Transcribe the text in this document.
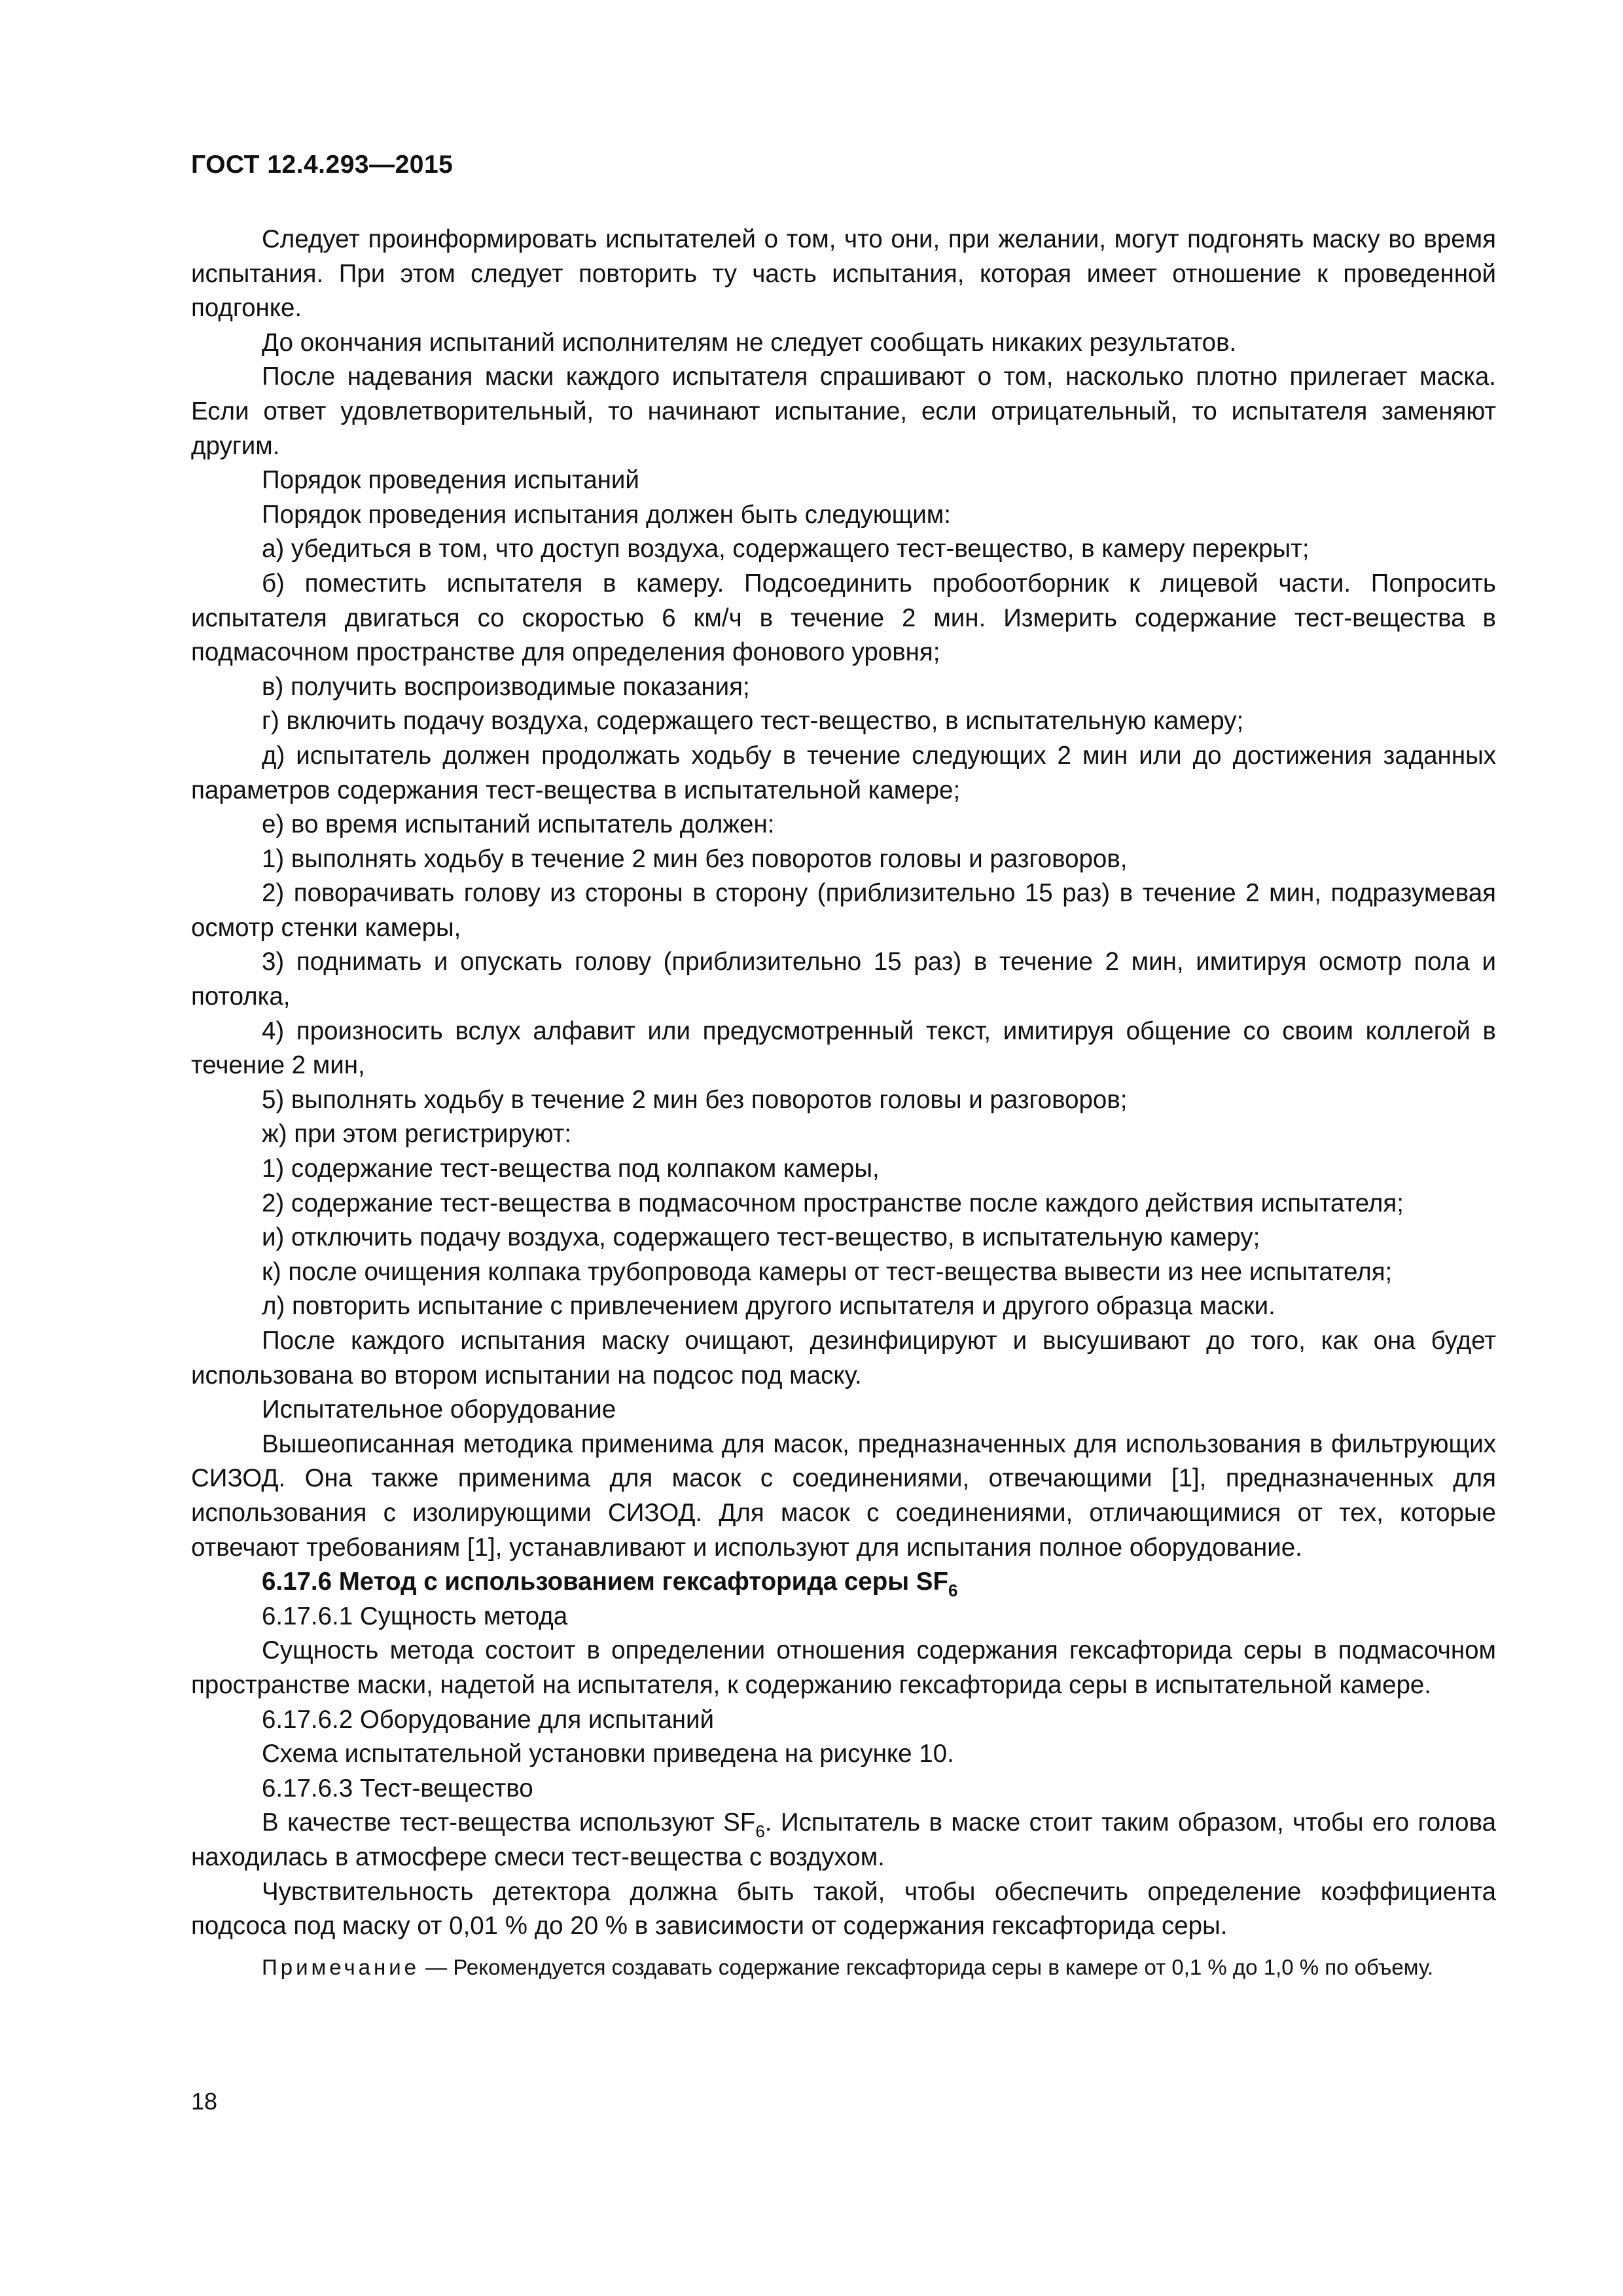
ГОСТ 12.4.293—2015

Следует проинформировать испытателей о том, что они, при желании, могут подгонять маску во время испытания. При этом следует повторить ту часть испытания, которая имеет отношение к проведенной подгонке.

До окончания испытаний исполнителям не следует сообщать никаких результатов.

После надевания маски каждого испытателя спрашивают о том, насколько плотно прилегает маска. Если ответ удовлетворительный, то начинают испытание, если отрицательный, то испытателя заменяют другим.

Порядок проведения испытаний

Порядок проведения испытания должен быть следующим:

а) убедиться в том, что доступ воздуха, содержащего тест-вещество, в камеру перекрыт;

б) поместить испытателя в камеру. Подсоединить пробоотборник к лицевой части. Попросить испытателя двигаться со скоростью 6 км/ч в течение 2 мин. Измерить содержание тест-вещества в подмасочном пространстве для определения фонового уровня;

в) получить воспроизводимые показания;

г) включить подачу воздуха, содержащего тест-вещество, в испытательную камеру;

д) испытатель должен продолжать ходьбу в течение следующих 2 мин или до достижения заданных параметров содержания тест-вещества в испытательной камере;

е) во время испытаний испытатель должен:

1) выполнять ходьбу в течение 2 мин без поворотов головы и разговоров,

2) поворачивать голову из стороны в сторону (приблизительно 15 раз) в течение 2 мин, подразумевая осмотр стенки камеры,

3) поднимать и опускать голову (приблизительно 15 раз) в течение 2 мин, имитируя осмотр пола и потолка,

4) произносить вслух алфавит или предусмотренный текст, имитируя общение со своим коллегой в течение 2 мин,

5) выполнять ходьбу в течение 2 мин без поворотов головы и разговоров;

ж) при этом регистрируют:

1) содержание тест-вещества под колпаком камеры,

2) содержание тест-вещества в подмасочном пространстве после каждого действия испытателя;

и) отключить подачу воздуха, содержащего тест-вещество, в испытательную камеру;

к) после очищения колпака трубопровода камеры от тест-вещества вывести из нее испытателя;

л) повторить испытание с привлечением другого испытателя и другого образца маски.

После каждого испытания маску очищают, дезинфицируют и высушивают до того, как она будет использована во втором испытании на подсос под маску.

Испытательное оборудование

Вышеописанная методика применима для масок, предназначенных для использования в фильтрующих СИЗОД. Она также применима для масок с соединениями, отвечающими [1], предназначенных для использования с изолирующими СИЗОД. Для масок с соединениями, отличающимися от тех, которые отвечают требованиям [1], устанавливают и используют для испытания полное оборудование.

6.17.6 Метод с использованием гексафторида серы $SF_6$

6.17.6.1 Сущность метода

Сущность метода состоит в определении отношения содержания гексафторида серы в подмасочном пространстве маски, надетой на испытателя, к содержанию гексафторида серы в испытательной камере.

6.17.6.2 Оборудование для испытаний

Схема испытательной установки приведена на рисунке 10.

6.17.6.3 Тест-вещество

В качестве тест-вещества используют $SF_6$. Испытатель в маске стоит таким образом, чтобы его голова находилась в атмосфере смеси тест-вещества с воздухом.

Чувствительность детектора должна быть такой, чтобы обеспечить определение коэффициента подсоса под маску от 0,01 % до 20 % в зависимости от содержания гексафторида серы.

Примечание — Рекомендуется создавать содержание гексафторида серы в камере от 0,1 % до 1,0 % по объему.

18
